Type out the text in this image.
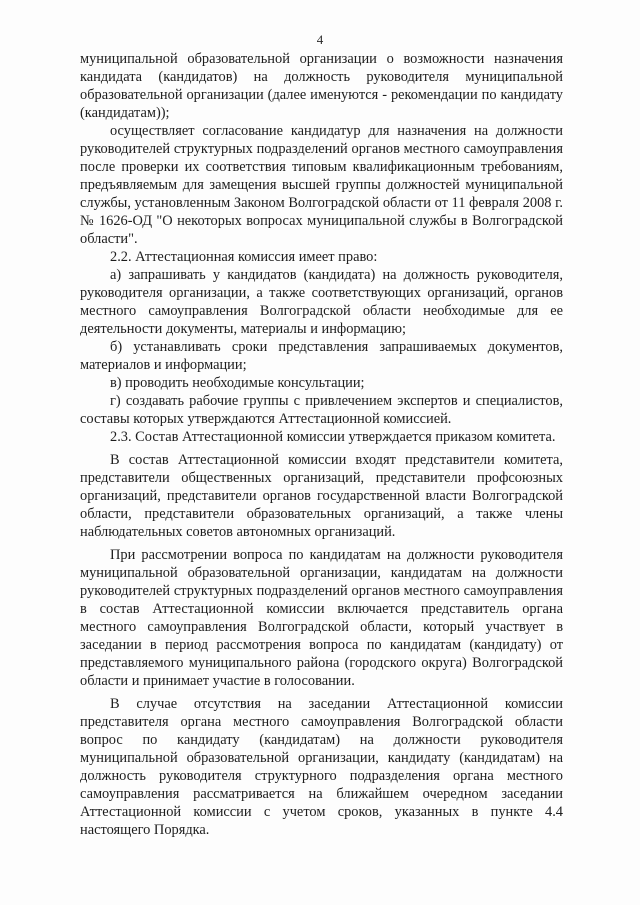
4

муниципальной образовательной организации о возможности назначения кандидата (кандидатов) на должность руководителя муниципальной образовательной организации (далее именуются - рекомендации по кандидату (кандидатам));

осуществляет согласование кандидатур для назначения на должности руководителей структурных подразделений органов местного самоуправления после проверки их соответствия типовым квалификационным требованиям, предъявляемым для замещения высшей группы должностей муниципальной службы, установленным Законом Волгоградской области от 11 февраля 2008 г. № 1626-ОД "О некоторых вопросах муниципальной службы в Волгоградской области".

2.2. Аттестационная комиссия имеет право:

а) запрашивать у кандидатов (кандидата) на должность руководителя, руководителя организации, а также соответствующих организаций, органов местного самоуправления Волгоградской области необходимые для ее деятельности документы, материалы и информацию;

б) устанавливать сроки представления запрашиваемых документов, материалов и информации;

в) проводить необходимые консультации;

г) создавать рабочие группы с привлечением экспертов и специалистов, составы которых утверждаются Аттестационной комиссией.

2.3. Состав Аттестационной комиссии утверждается приказом комитета.

В состав Аттестационной комиссии входят представители комитета, представители общественных организаций, представители профсоюзных организаций, представители органов государственной власти Волгоградской области, представители образовательных организаций, а также члены наблюдательных советов автономных организаций.

При рассмотрении вопроса по кандидатам на должности руководителя муниципальной образовательной организации, кандидатам на должности руководителей структурных подразделений органов местного самоуправления в состав Аттестационной комиссии включается представитель органа местного самоуправления Волгоградской области, который участвует в заседании в период рассмотрения вопроса по кандидатам (кандидату) от представляемого муниципального района (городского округа) Волгоградской области и принимает участие в голосовании.

В случае отсутствия на заседании Аттестационной комиссии представителя органа местного самоуправления Волгоградской области вопрос по кандидату (кандидатам) на должности руководителя муниципальной образовательной организации, кандидату (кандидатам) на должность руководителя структурного подразделения органа местного самоуправления рассматривается на ближайшем очередном заседании Аттестационной комиссии с учетом сроков, указанных в пункте 4.4 настоящего Порядка.
